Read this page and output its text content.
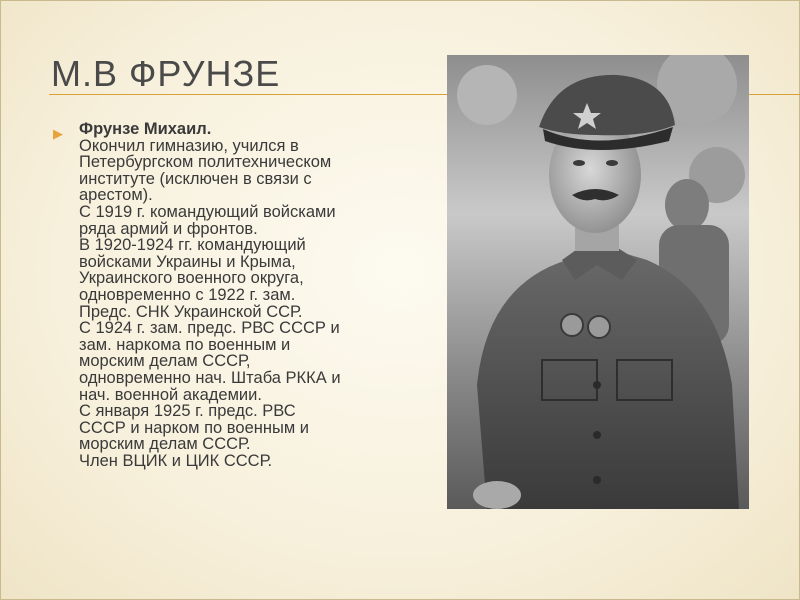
М.В ФРУНЗЕ
▶ Фрунзе Михаил.
Окончил гимназию, учился в
Петербургском политехническом
институте (исключен в связи с
арестом).
С 1919 г. командующий войсками
ряда армий и фронтов.
В 1920-1924 гг. командующий
войсками Украины и Крыма,
Украинского военного округа,
одновременно с 1922 г. зам.
Предс. СНК Украинской ССР.
С 1924 г. зам. предс. РВС СССР и
зам. наркома по военным и
морским делам СССР,
одновременно нач. Штаба РККА и
нач. военной академии.
С января 1925 г. предс. РВС
СССР и нарком по военным и
морским делам СССР.
Член ВЦИК и ЦИК СССР.
